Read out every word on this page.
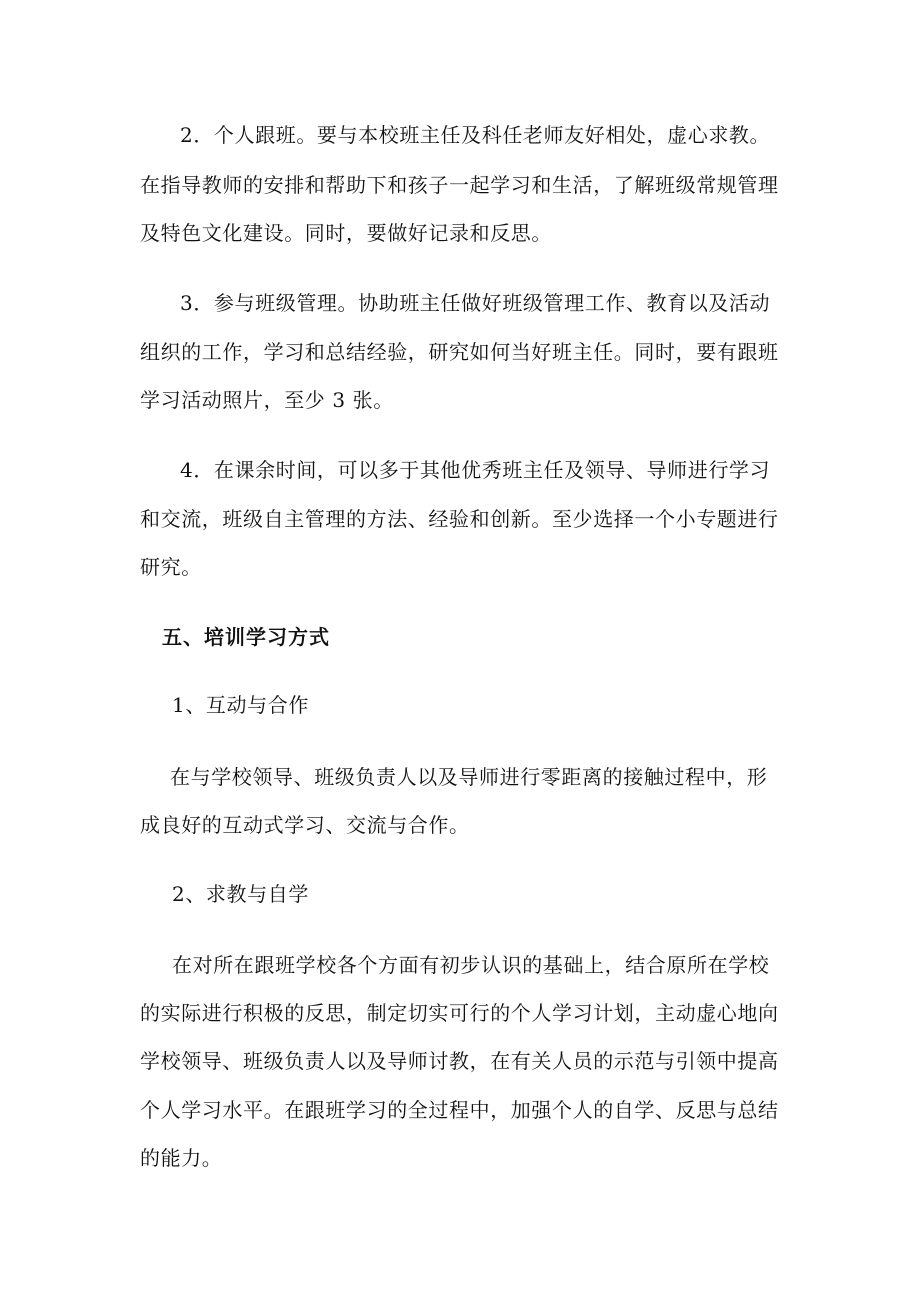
2．个人跟班。要与本校班主任及科任老师友好相处，虚心求教。
在指导教师的安排和帮助下和孩子一起学习和生活，了解班级常规管理
及特色文化建设。同时，要做好记录和反思。
3．参与班级管理。协助班主任做好班级管理工作、教育以及活动
组织的工作，学习和总结经验，研究如何当好班主任。同时，要有跟班
学习活动照片，至少 3 张。
4．在课余时间，可以多于其他优秀班主任及领导、导师进行学习
和交流，班级自主管理的方法、经验和创新。至少选择一个小专题进行
研究。
五、培训学习方式
1、互动与合作
在与学校领导、班级负责人以及导师进行零距离的接触过程中，形
成良好的互动式学习、交流与合作。
2、求教与自学
在对所在跟班学校各个方面有初步认识的基础上，结合原所在学校
的实际进行积极的反思，制定切实可行的个人学习计划，主动虚心地向
学校领导、班级负责人以及导师讨教，在有关人员的示范与引领中提高
个人学习水平。在跟班学习的全过程中，加强个人的自学、反思与总结
的能力。
